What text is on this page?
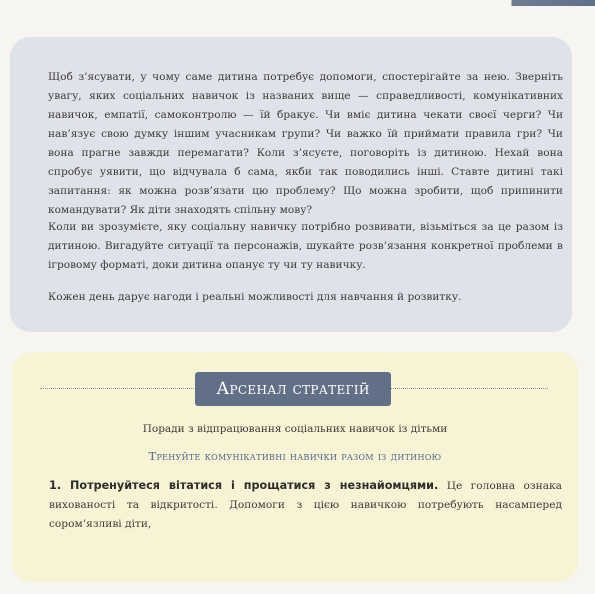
Щоб з’ясувати, у чому саме дитина потребує допомоги, спостерігайте за нею. Зверніть увагу, яких соціальних навичок із названих вище — справедливості, комунікативних навичок, емпатії, самоконтролю — їй бракує. Чи вміє дитина чекати своєї черги? Чи нав’язує свою думку іншим учасникам групи? Чи важко їй приймати правила гри? Чи вона прагне завжди перемагати? Коли з’ясуєте, поговоріть із дитиною. Нехай вона спробує уявити, що відчувала б сама, якби так поводились інші. Ставте дитині такі запитання: як можна розв’язати цю проблему? Що можна зробити, щоб припинити командувати? Як діти знаходять спільну мову?

Коли ви зрозумієте, яку соціальну навичку потрібно розвивати, візьміться за це разом із дитиною. Вигадуйте ситуації та персонажів, шукайте розв’язання конкретної проблеми в ігровому форматі, доки дитина опанує ту чи ту навичку.

Кожен день дарує нагоди і реальні можливості для навчання й розвитку.

Арсенал стратегій
Поради з відпрацювання соціальних навичок із дітьми
Тренуйте комунікативні навички разом із дитиною

1. Потренуйтеся вітатися і прощатися з незнайомцями. Це головна ознака вихованості та відкритості. Допомоги з цією навичкою потребують насамперед сором’язливі діти,
